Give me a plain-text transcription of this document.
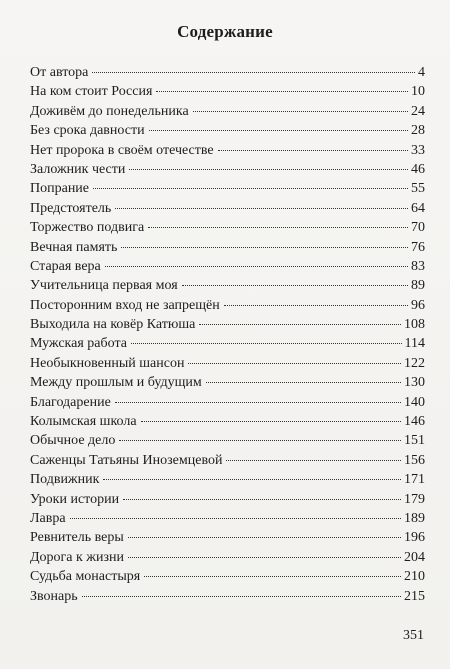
Содержание
От автора	4
На ком стоит Россия	10
Доживём до понедельника	24
Без срока давности	28
Нет пророка в своём отечестве	33
Заложник чести	46
Попрание	55
Предстоятель	64
Торжество подвига	70
Вечная память	76
Старая вера	83
Учительница первая моя	89
Посторонним вход не запрещён	96
Выходила на ковёр Катюша	108
Мужская работа	114
Необыкновенный шансон	122
Между прошлым и будущим	130
Благодарение	140
Колымская школа	146
Обычное дело	151
Саженцы Татьяны Иноземцевой	156
Подвижник	171
Уроки истории	179
Лавра	189
Ревнитель веры	196
Дорога к жизни	204
Судьба монастыря	210
Звонарь	215
351
